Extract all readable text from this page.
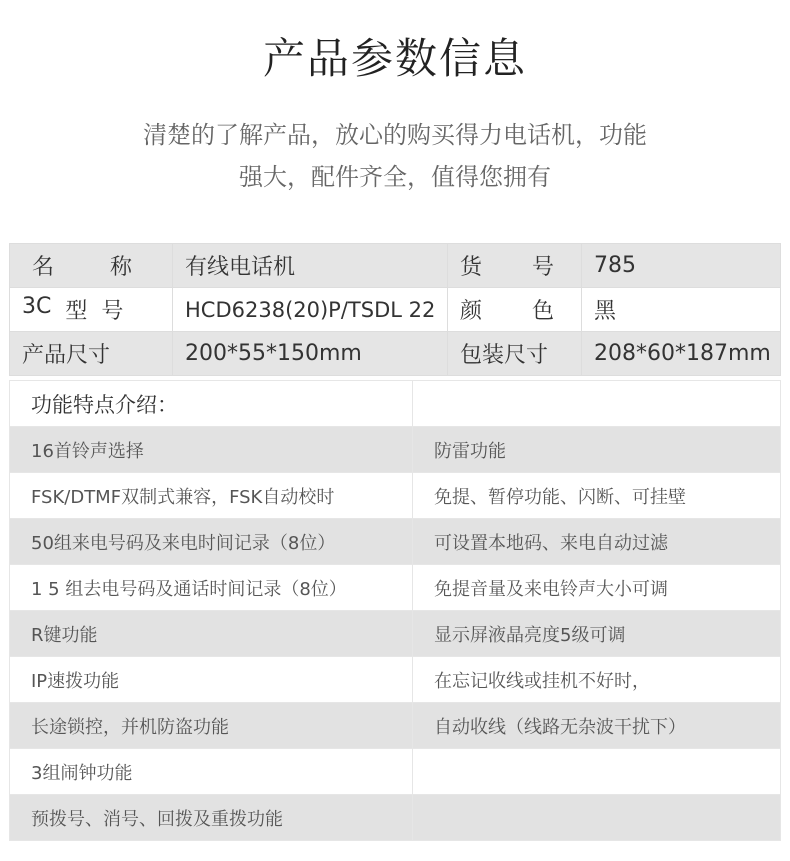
产品参数信息
清楚的了解产品，放心的购买得力电话机，功能
强大，配件齐全，值得您拥有
名 称	有线电话机	货 号	785

3C 型 号	HCD6238(20)P/TSDL 22	颜 色	黑
产品尺寸	200*55*150mm	包装尺寸	208*60*187mm
功能特点介绍：	
16首铃声选择	防雷功能
FSK/DTMF双制式兼容，FSK自动校时	免提、暂停功能、闪断、可挂壁
50组来电号码及来电时间记录（8位）	可设置本地码、来电自动过滤
1 5 组去电号码及通话时间记录（8位）	免提音量及来电铃声大小可调
R键功能	显示屏液晶亮度5级可调
IP速拨功能	在忘记收线或挂机不好时，
长途锁控，并机防盗功能	自动收线（线路无杂波干扰下）
3组闹钟功能	
预拨号、消号、回拨及重拨功能	
